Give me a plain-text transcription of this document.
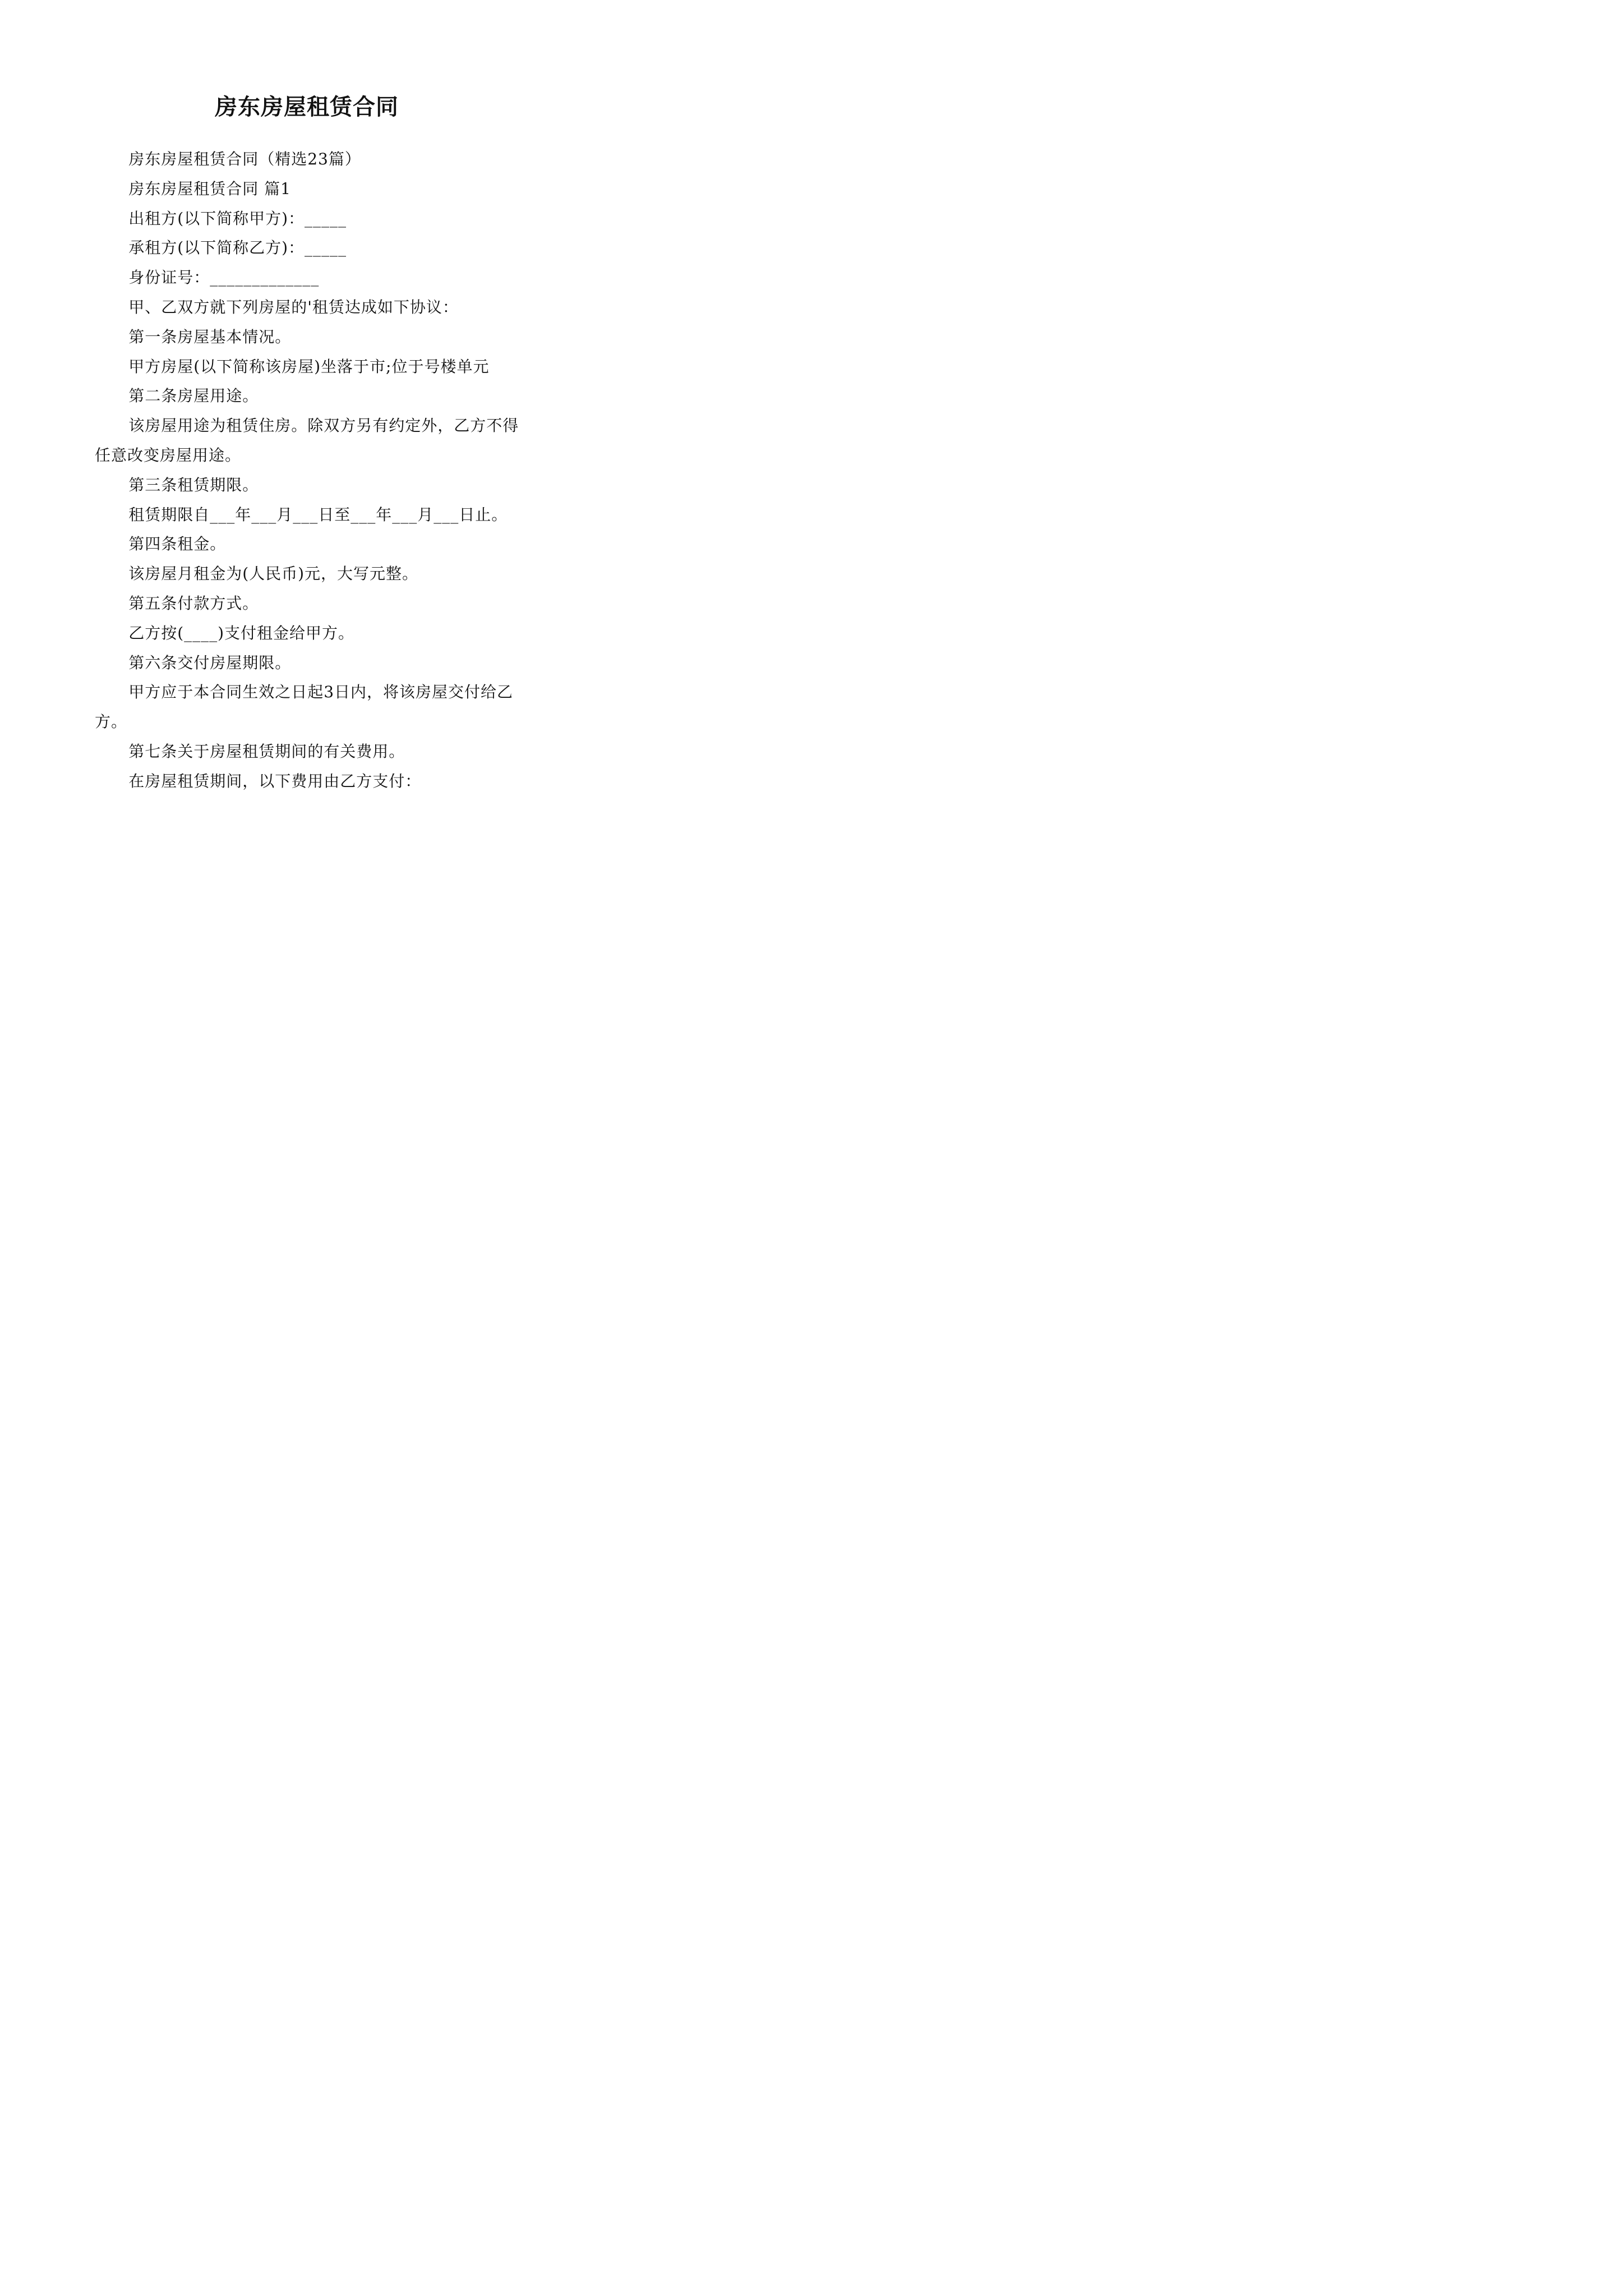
房东房屋租赁合同

房东房屋租赁合同（精选23篇）

房东房屋租赁合同 篇1

出租方(以下简称甲方)：_____

承租方(以下简称乙方)：_____

身份证号：_____________

甲、乙双方就下列房屋的'租赁达成如下协议：

第一条房屋基本情况。

甲方房屋(以下简称该房屋)坐落于市;位于号楼单元

第二条房屋用途。

该房屋用途为租赁住房。除双方另有约定外，乙方不得任意改变房屋用途。

第三条租赁期限。

租赁期限自___年___月___日至___年___月___日止。

第四条租金。

该房屋月租金为(人民币)元，大写元整。

第五条付款方式。

乙方按(____)支付租金给甲方。

第六条交付房屋期限。

甲方应于本合同生效之日起3日内，将该房屋交付给乙方。

第七条关于房屋租赁期间的有关费用。

在房屋租赁期间，以下费用由乙方支付：
